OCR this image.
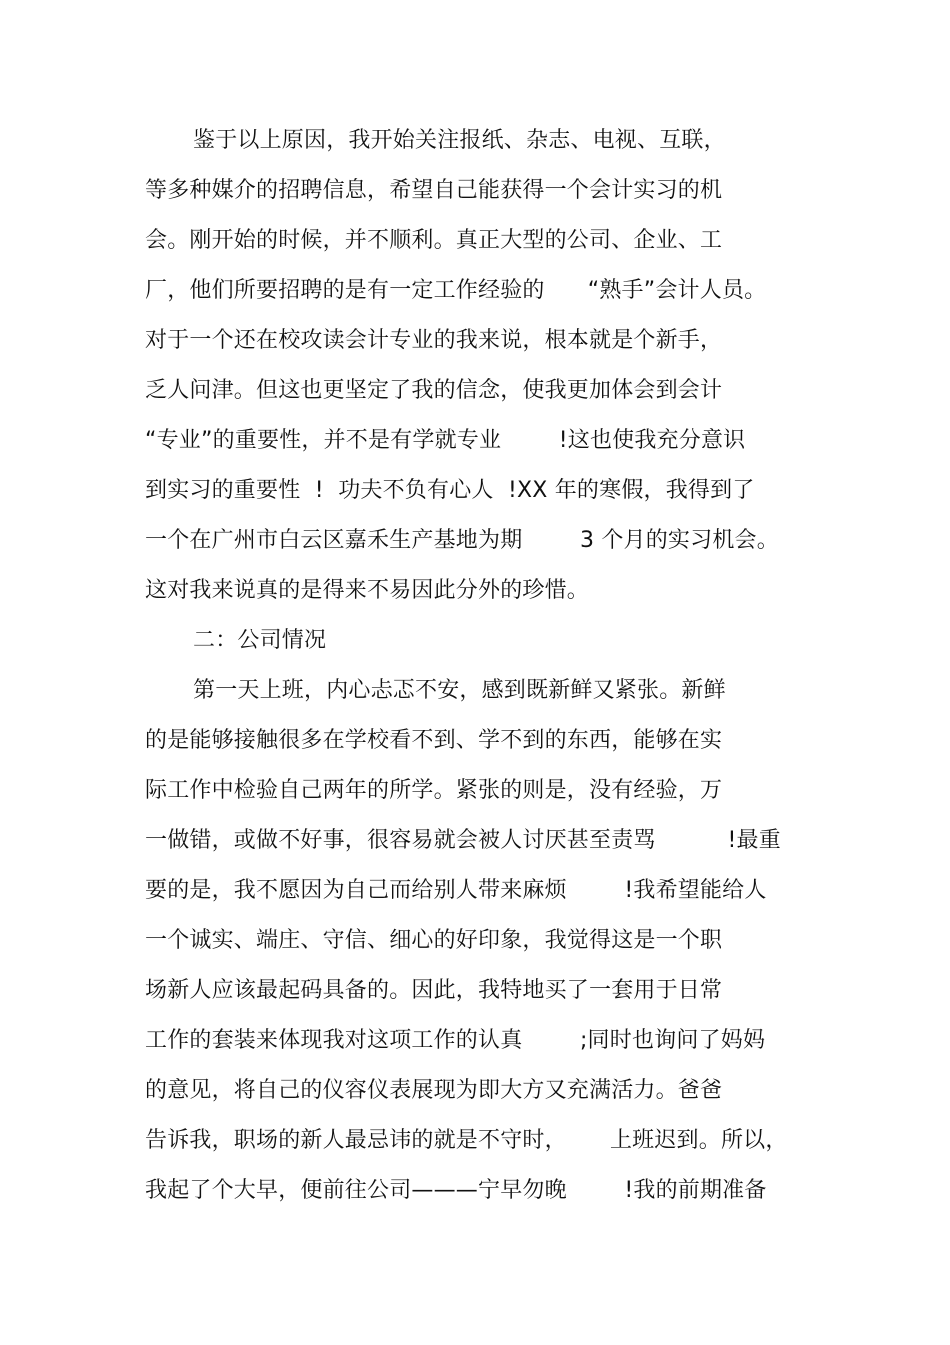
鉴于以上原因，我开始关注报纸、杂志、电视、互联，
等多种媒介的招聘信息，希望自己能获得一个会计实习的机
会。刚开始的时候，并不顺利。真正大型的公司、企业、工
厂，他们所要招聘的是有一定工作经验的      “熟手”会计人员。
对于一个还在校攻读会计专业的我来说，根本就是个新手，
乏人问津。但这也更坚定了我的信念，使我更加体会到会计
“专业”的重要性，并不是有学就专业        !这也使我充分意识
到实习的重要性  !  功夫不负有心人  !XX 年的寒假，我得到了
一个在广州市白云区嘉禾生产基地为期        3 个月的实习机会。
这对我来说真的是得来不易因此分外的珍惜。
二：公司情况
第一天上班，内心忐忑不安，感到既新鲜又紧张。新鲜
的是能够接触很多在学校看不到、学不到的东西，能够在实
际工作中检验自己两年的所学。紧张的则是，没有经验，万
一做错，或做不好事，很容易就会被人讨厌甚至责骂          !最重
要的是，我不愿因为自己而给别人带来麻烦        !我希望能给人
一个诚实、端庄、守信、细心的好印象，我觉得这是一个职
场新人应该最起码具备的。因此，我特地买了一套用于日常
工作的套装来体现我对这项工作的认真        ;同时也询问了妈妈
的意见，将自己的仪容仪表展现为即大方又充满活力。爸爸
告诉我，职场的新人最忌讳的就是不守时，      上班迟到。所以，
我起了个大早，便前往公司———宁早勿晚        !我的前期准备
